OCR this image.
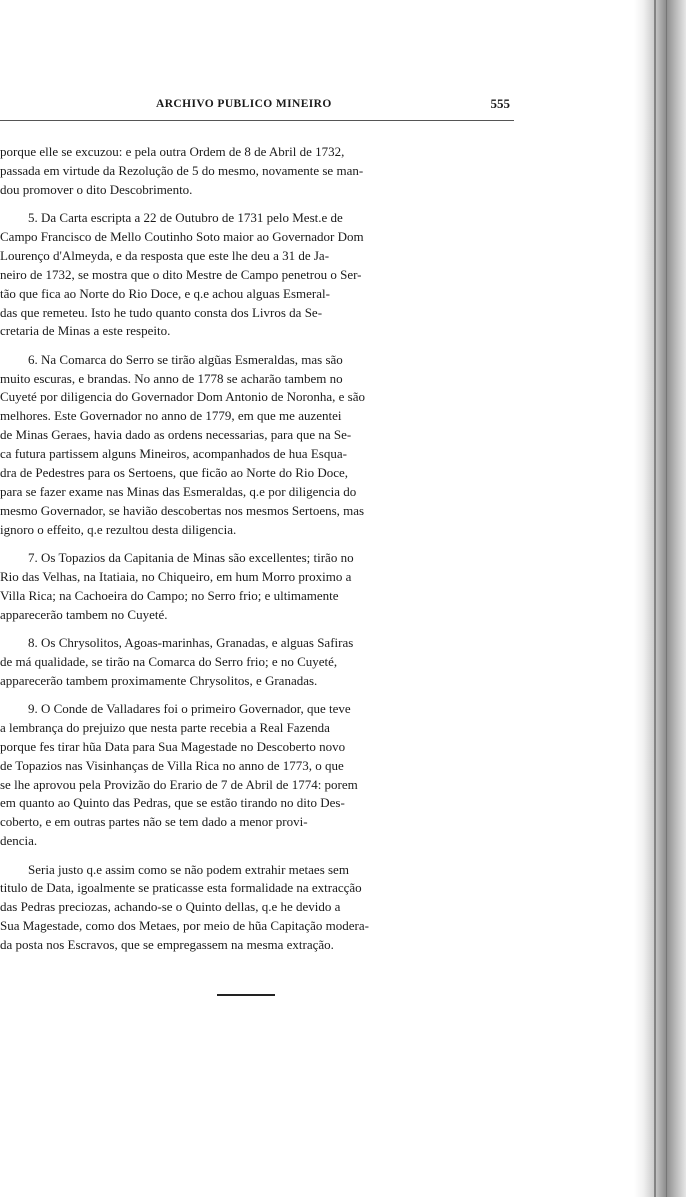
ARCHIVO PUBLICO MINEIRO	555

porque elle se excuzou: e pela outra Ordem de 8 de Abril de 1732,
passada em virtude da Rezolução de 5 do mesmo, novamente se man-
dou promover o dito Descobrimento.

5. Da Carta escripta a 22 de Outubro de 1731 pelo Mest.e de
Campo Francisco de Mello Coutinho Soto maior ao Governador Dom
Lourenço d'Almeyda, e da resposta que este lhe deu a 31 de Ja-
neiro de 1732, se mostra que o dito Mestre de Campo penetrou o Ser-
tão que fica ao Norte do Rio Doce, e q.e achou alguas Esmeral-
das que remeteu. Isto he tudo quanto consta dos Livros da Se-
cretaria de Minas a este respeito.

6. Na Comarca do Serro se tirão algũas Esmeraldas, mas são
muito escuras, e brandas. No anno de 1778 se acharão tambem no
Cuyeté por diligencia do Governador Dom Antonio de Noronha, e são
melhores. Este Governador no anno de 1779, em que me auzentei
de Minas Geraes, havia dado as ordens necessarias, para que na Se-
ca futura partissem alguns Mineiros, acompanhados de hua Esqua-
dra de Pedestres para os Sertoens, que ficão ao Norte do Rio Doce,
para se fazer exame nas Minas das Esmeraldas, q.e por diligencia do
mesmo Governador, se havião descobertas nos mesmos Sertoens, mas
ignoro o effeito, q.e rezultou desta diligencia.

7. Os Topazios da Capitania de Minas são excellentes; tirão no
Rio das Velhas, na Itatiaia, no Chiqueiro, em hum Morro proximo a
Villa Rica; na Cachoeira do Campo; no Serro frio; e ultimamente
apparecerão tambem no Cuyeté.

8. Os Chrysolitos, Agoas-marinhas, Granadas, e alguas Safiras
de má qualidade, se tirão na Comarca do Serro frio; e no Cuyeté,
apparecerão tambem proximamente Chrysolitos, e Granadas.

9. O Conde de Valladares foi o primeiro Governador, que teve
a lembrança do prejuizo que nesta parte recebia a Real Fazenda
porque fes tirar hũa Data para Sua Magestade no Descoberto novo
de Topazios nas Visinhanças de Villa Rica no anno de 1773, o que
se lhe aprovou pela Provizão do Erario de 7 de Abril de 1774: porem
em quanto ao Quinto das Pedras, que se estão tirando no dito Des-
coberto, e em outras partes não se tem dado a menor provi-
dencia.

Seria justo q.e assim como se não podem extrahir metaes sem
titulo de Data, igoalmente se praticasse esta formalidade na extracção
das Pedras preciozas, achando-se o Quinto dellas, q.e he devido a
Sua Magestade, como dos Metaes, por meio de hũa Capitação modera-
da posta nos Escravos, que se empregassem na mesma extração.
